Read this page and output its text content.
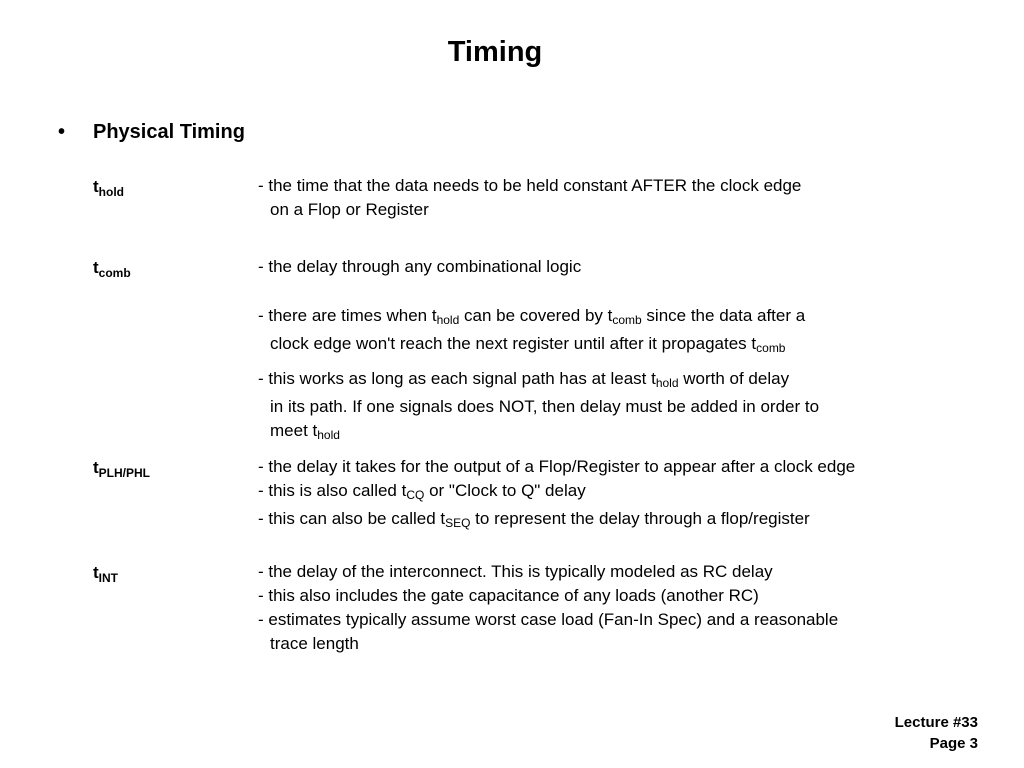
Timing
• Physical Timing
$t_{hold}$	- the time that the data needs to be held constant AFTER the clock edge
on a Flop or Register
$t_{comb}$	- the delay through any combinational logic
- there are times when $t_{hold}$ can be covered by $t_{comb}$ since the data after a
clock edge won't reach the next register until after it propagates $t_{comb}$
- this works as long as each signal path has at least $t_{hold}$ worth of delay
in its path. If one signals does NOT, then delay must be added in order to
meet $t_{hold}$
$t_{PLH/PHL}$	- the delay it takes for the output of a Flop/Register to appear after a clock edge
- this is also called $t_{CQ}$ or "Clock to Q" delay
- this can also be called $t_{SEQ}$ to represent the delay through a flop/register
$t_{INT}$	- the delay of the interconnect. This is typically modeled as RC delay
- this also includes the gate capacitance of any loads (another RC)
- estimates typically assume worst case load (Fan-In Spec) and a reasonable
trace length
Lecture #33
Page 3
